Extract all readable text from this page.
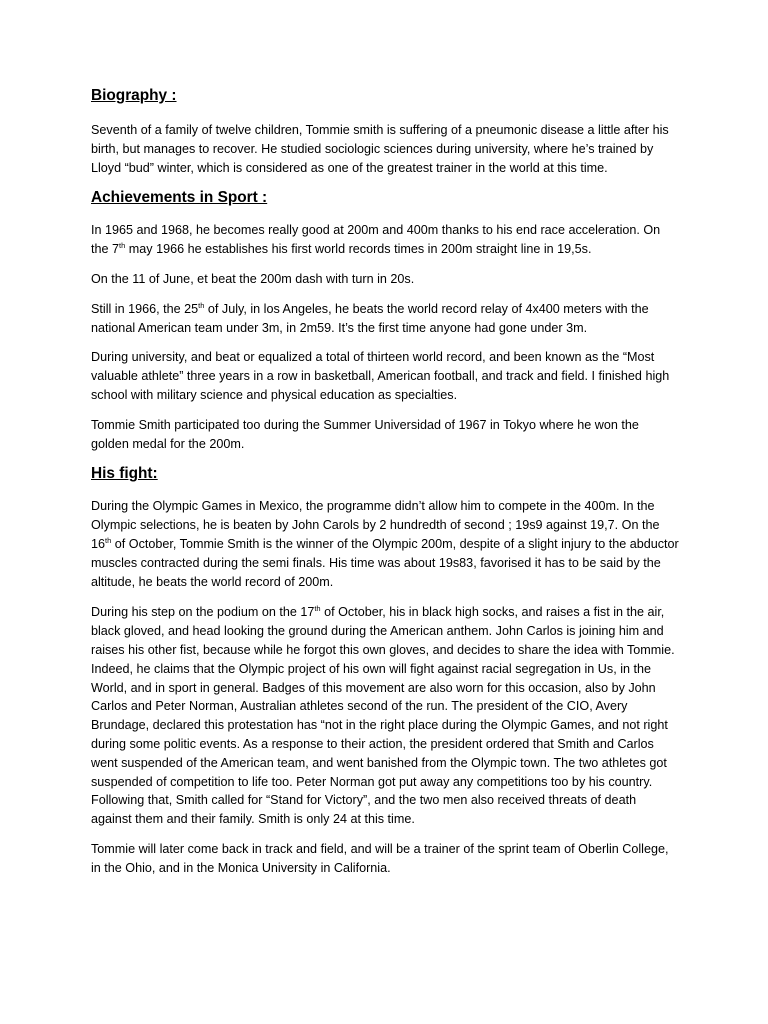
Biography :

Seventh of a family of twelve children, Tommie smith is suffering of a pneumonic disease a little after his birth, but manages to recover. He studied sociologic sciences during university, where he’s trained by Lloyd “bud” winter, which is considered as one of the greatest trainer in the world at this time.

Achievements in Sport :

In 1965 and 1968, he becomes really good at 200m and 400m thanks to his end race acceleration. On the 7th may 1966 he establishes his first world records times in 200m straight line in 19,5s.

On the 11 of June, et beat the 200m dash with turn in 20s.

Still in 1966, the 25th of July, in los Angeles, he beats the world record relay of 4x400 meters with the national American team under 3m, in 2m59. It’s the first time anyone had gone under 3m.

During university, and beat or equalized a total of thirteen world record, and been known as the “Most valuable athlete” three years in a row in basketball, American football, and track and field. I finished high school with military science and physical education as specialties.

Tommie Smith participated too during the Summer Universidad of 1967 in Tokyo where he won the golden medal for the 200m.

His fight:

During the Olympic Games in Mexico, the programme didn’t allow him to compete in the 400m. In the Olympic selections, he is beaten by John Carols by 2 hundredth of second ; 19s9 against 19,7. On the 16th of October, Tommie Smith is the winner of the Olympic 200m, despite of a slight injury to the abductor muscles contracted during the semi finals. His time was about 19s83, favorised it has to be said by the altitude, he beats the world record of 200m.

During his step on the podium on the 17th of October, his in black high socks, and raises a fist in the air, black gloved, and head looking the ground during the American anthem. John Carlos is joining him and raises his other fist, because while he forgot this own gloves, and decides to share the idea with Tommie. Indeed, he claims that the Olympic project of his own will fight against racial segregation in Us, in the World, and in sport in general. Badges of this movement are also worn for this occasion, also by John Carlos and Peter Norman, Australian athletes second of the run. The president of the CIO, Avery Brundage, declared this protestation has “not in the right place during the Olympic Games, and not right during some politic events. As a response to their action, the president ordered that Smith and Carlos went suspended of the American team, and went banished from the Olympic town. The two athletes got suspended of competition to life too. Peter Norman got put away any competitions too by his country. Following that, Smith called for “Stand for Victory”, and the two men also received threats of death against them and their family. Smith is only 24 at this time.

Tommie will later come back in track and field, and will be a trainer of the sprint team of Oberlin College, in the Ohio, and in the Monica University in California.
